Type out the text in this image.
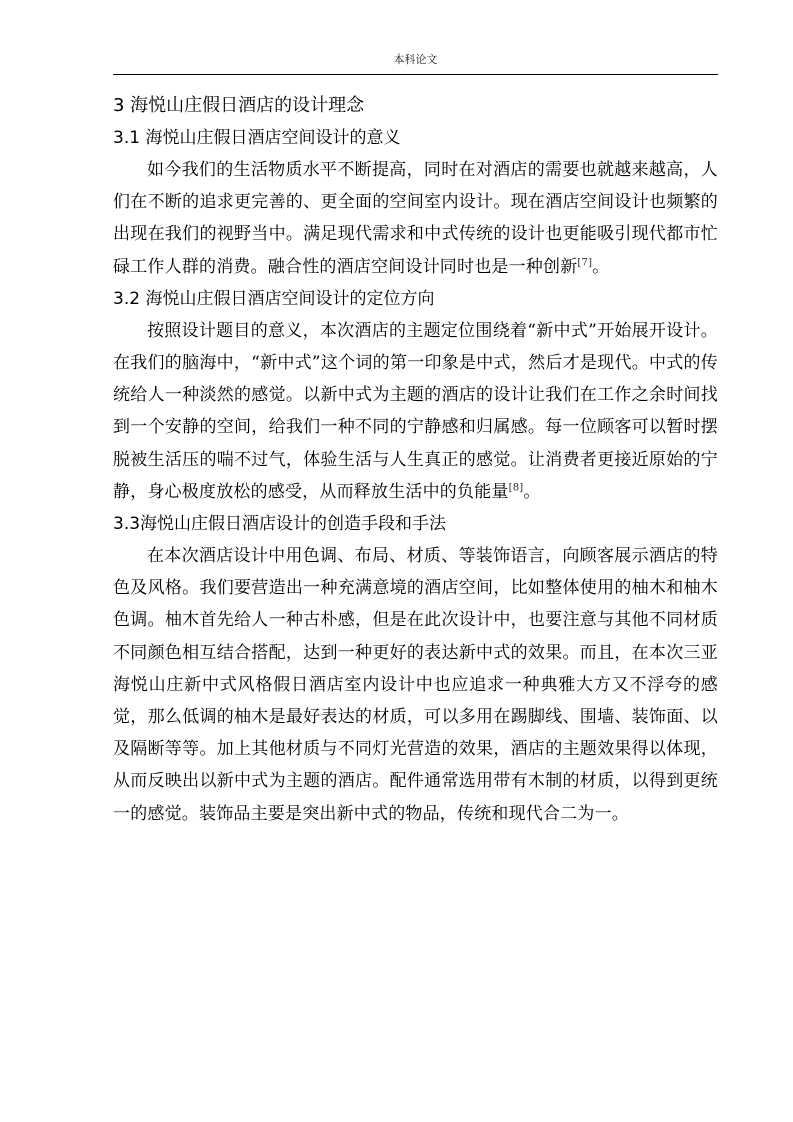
本科论文
3 海悦山庄假日酒店的设计理念
3.1 海悦山庄假日酒店空间设计的意义

如今我们的生活物质水平不断提高，同时在对酒店的需要也就越来越高，人们在不断的追求更完善的、更全面的空间室内设计。现在酒店空间设计也频繁的出现在我们的视野当中。满足现代需求和中式传统的设计也更能吸引现代都市忙碌工作人群的消费。融合性的酒店空间设计同时也是一种创新[7]。

3.2 海悦山庄假日酒店空间设计的定位方向

按照设计题目的意义，本次酒店的主题定位围绕着“新中式”开始展开设计。在我们的脑海中，“新中式”这个词的第一印象是中式，然后才是现代。中式的传统给人一种淡然的感觉。以新中式为主题的酒店的设计让我们在工作之余时间找到一个安静的空间，给我们一种不同的宁静感和归属感。每一位顾客可以暂时摆脱被生活压的喘不过气，体验生活与人生真正的感觉。让消费者更接近原始的宁静，身心极度放松的感受，从而释放生活中的负能量[8]。

3.3海悦山庄假日酒店设计的创造手段和手法

在本次酒店设计中用色调、布局、材质、等装饰语言，向顾客展示酒店的特色及风格。我们要营造出一种充满意境的酒店空间，比如整体使用的柚木和柚木色调。柚木首先给人一种古朴感，但是在此次设计中，也要注意与其他不同材质不同颜色相互结合搭配，达到一种更好的表达新中式的效果。而且，在本次三亚海悦山庄新中式风格假日酒店室内设计中也应追求一种典雅大方又不浮夸的感觉，那么低调的柚木是最好表达的材质，可以多用在踢脚线、围墙、装饰面、以及隔断等等。加上其他材质与不同灯光营造的效果，酒店的主题效果得以体现，从而反映出以新中式为主题的酒店。配件通常选用带有木制的材质，以得到更统一的感觉。装饰品主要是突出新中式的物品，传统和现代合二为一。
